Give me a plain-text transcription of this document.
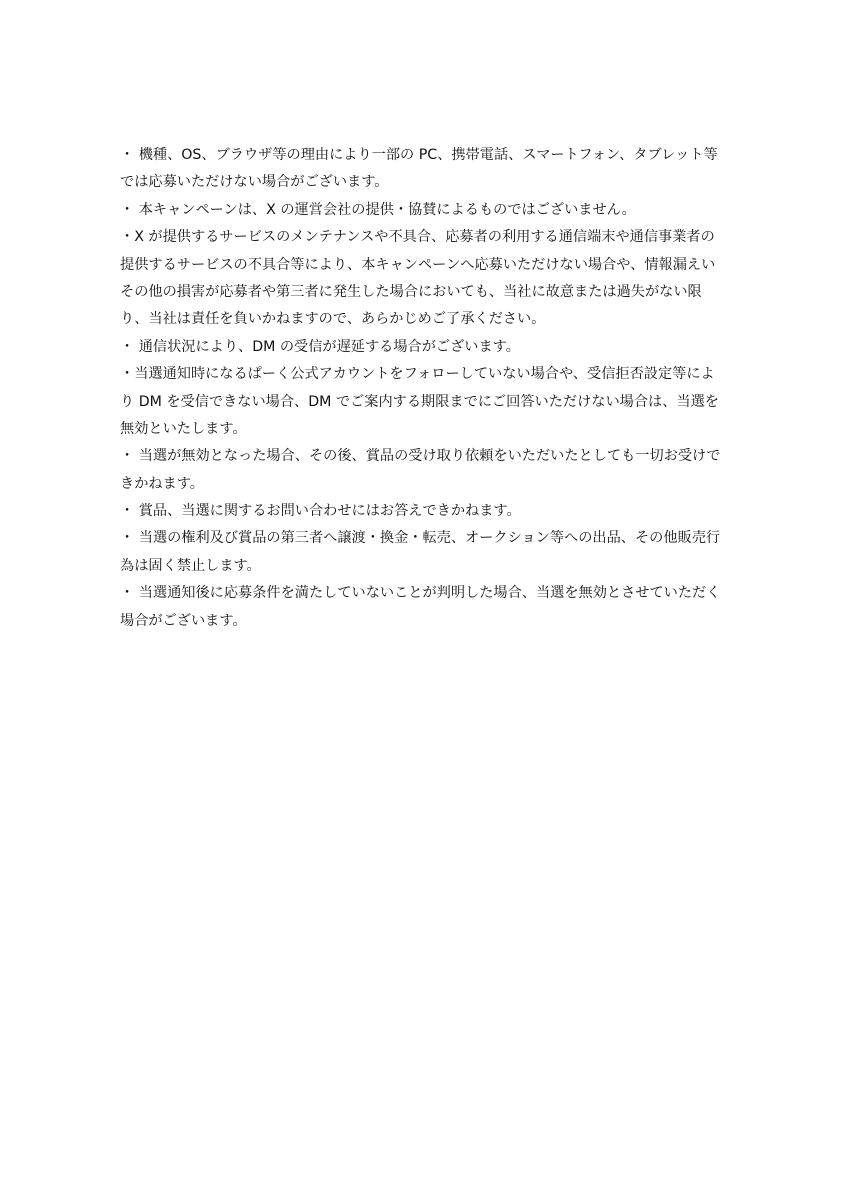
・ 機種、OS、ブラウザ等の理由により一部の PC、携帯電話、スマートフォン、タブレット等
では応募いただけない場合がございます。
・ 本キャンペーンは、X の運営会社の提供・協賛によるものではございません。
・X が提供するサービスのメンテナンスや不具合、応募者の利用する通信端末や通信事業者の
提供するサービスの不具合等により、本キャンペーンへ応募いただけない場合や、情報漏えい
その他の損害が応募者や第三者に発生した場合においても、当社に故意または過失がない限
り、当社は責任を負いかねますので、あらかじめご了承ください。
・ 通信状況により、DM の受信が遅延する場合がございます。
・当選通知時になるぱーく公式アカウントをフォローしていない場合や、受信拒否設定等によ
り DM を受信できない場合、DM でご案内する期限までにご回答いただけない場合は、当選を
無効といたします。
・ 当選が無効となった場合、その後、賞品の受け取り依頼をいただいたとしても一切お受けで
きかねます。
・ 賞品、当選に関するお問い合わせにはお答えできかねます。
・ 当選の権利及び賞品の第三者へ譲渡・換金・転売、オークション等への出品、その他販売行
為は固く禁止します。
・ 当選通知後に応募条件を満たしていないことが判明した場合、当選を無効とさせていただく
場合がございます。
